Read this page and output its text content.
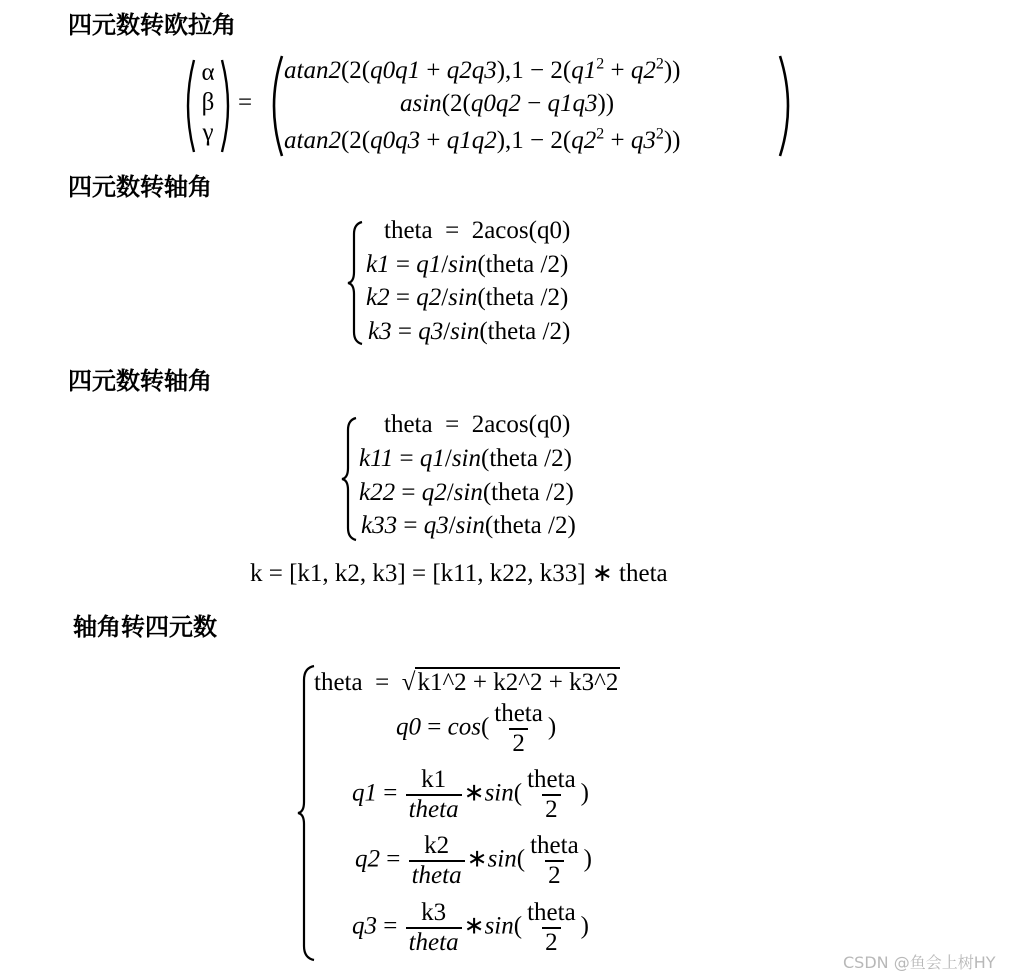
四元数转欧拉角
α
β
γ
=
$atan2(2(q0q1 + q2q3),1 - 2(q1^2 + q2^2))$
asin(2(q0q2 − q1q3))
$atan2(2(q0q3 + q1q2),1 - 2(q2^2 + q3^2))$
四元数转轴角
theta  =  2acos(q0)
k1 = q1/sin(theta /2)
k2 = q2/sin(theta /2)
k3 = q3/sin(theta /2)
四元数转轴角
theta  =  2acos(q0)
k11 = q1/sin(theta /2)
k22 = q2/sin(theta /2)
k33 = q3/sin(theta /2)
k = [k1, k2, k3] = [k11, k22, k33] ∗ theta
轴角转四元数
theta  =  √k1^2 + k2^2 + k3^2
$q0 = \cos( \frac{\text{theta}}{2}$ )
$q1 = \frac{k1}{\text{theta}}$ ∗sin( $\frac{\text{theta}}{2}$ )
$q2 = \frac{k2}{\text{theta}}$ ∗sin( $\frac{\text{theta}}{2}$ )
$q3 = \frac{k3}{\text{theta}}$ ∗sin( $\frac{\text{theta}}{2}$ )
CSDN @鱼会上树HY
